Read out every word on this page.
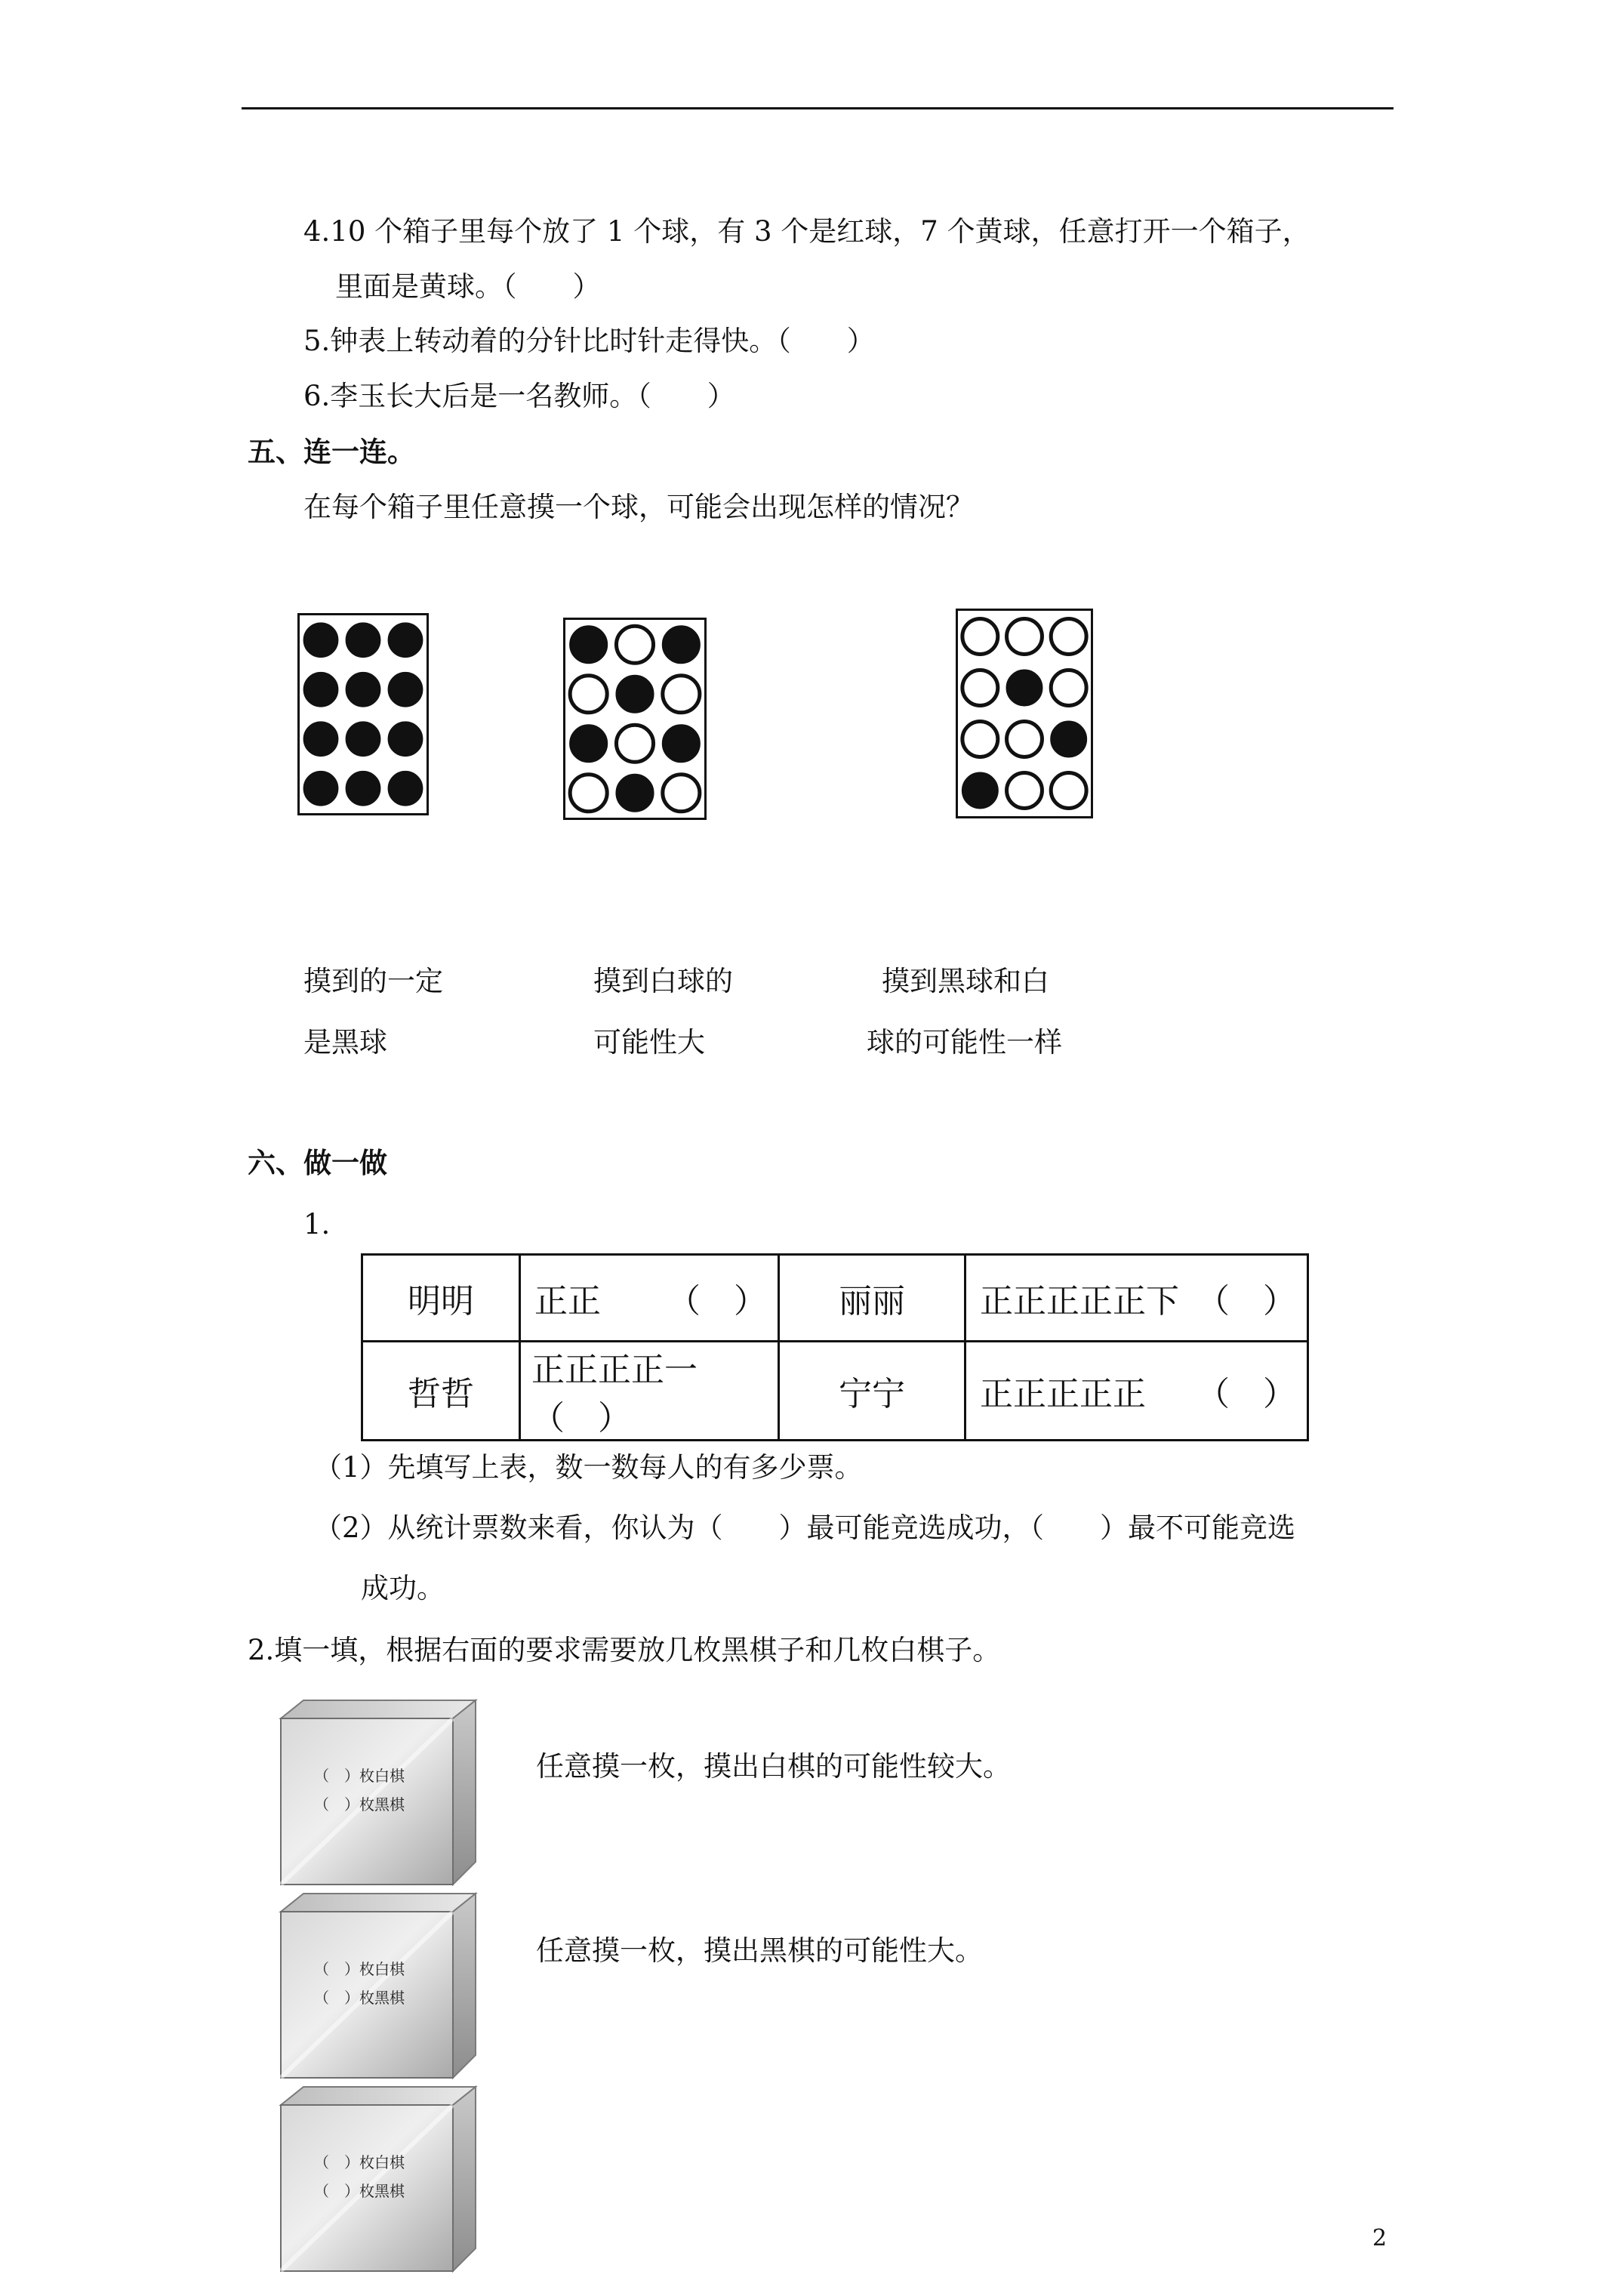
4.10 个箱子里每个放了 1 个球，有 3 个是红球，7 个黄球，任意打开一个箱子，
里面是黄球。（　　）
5.钟表上转动着的分针比时针走得快。（　　）
6.李玉长大后是一名教师。（　　）
五、连一连。
在每个箱子里任意摸一个球，可能会出现怎样的情况？
摸到的一定
是黑球
摸到白球的
可能性大
摸到黑球和白
球的可能性一样
六、做一做
1.
明明	正正 （　）	丽丽	正正正正正下 （　）

哲哲	正正正正一（　）	宁宁	正正正正正 （　）
（1）先填写上表，数一数每人的有多少票。
（2）从统计票数来看，你认为（　　）最可能竞选成功，（　　）最不可能竞选
成功。
2.填一填，根据右面的要求需要放几枚黑棋子和几枚白棋子。
（　）枚白棋
（　）枚黑棋
任意摸一枚，摸出白棋的可能性较大。
（　）枚白棋
（　）枚黑棋
任意摸一枚，摸出黑棋的可能性大。
（　）枚白棋
（　）枚黑棋
2
